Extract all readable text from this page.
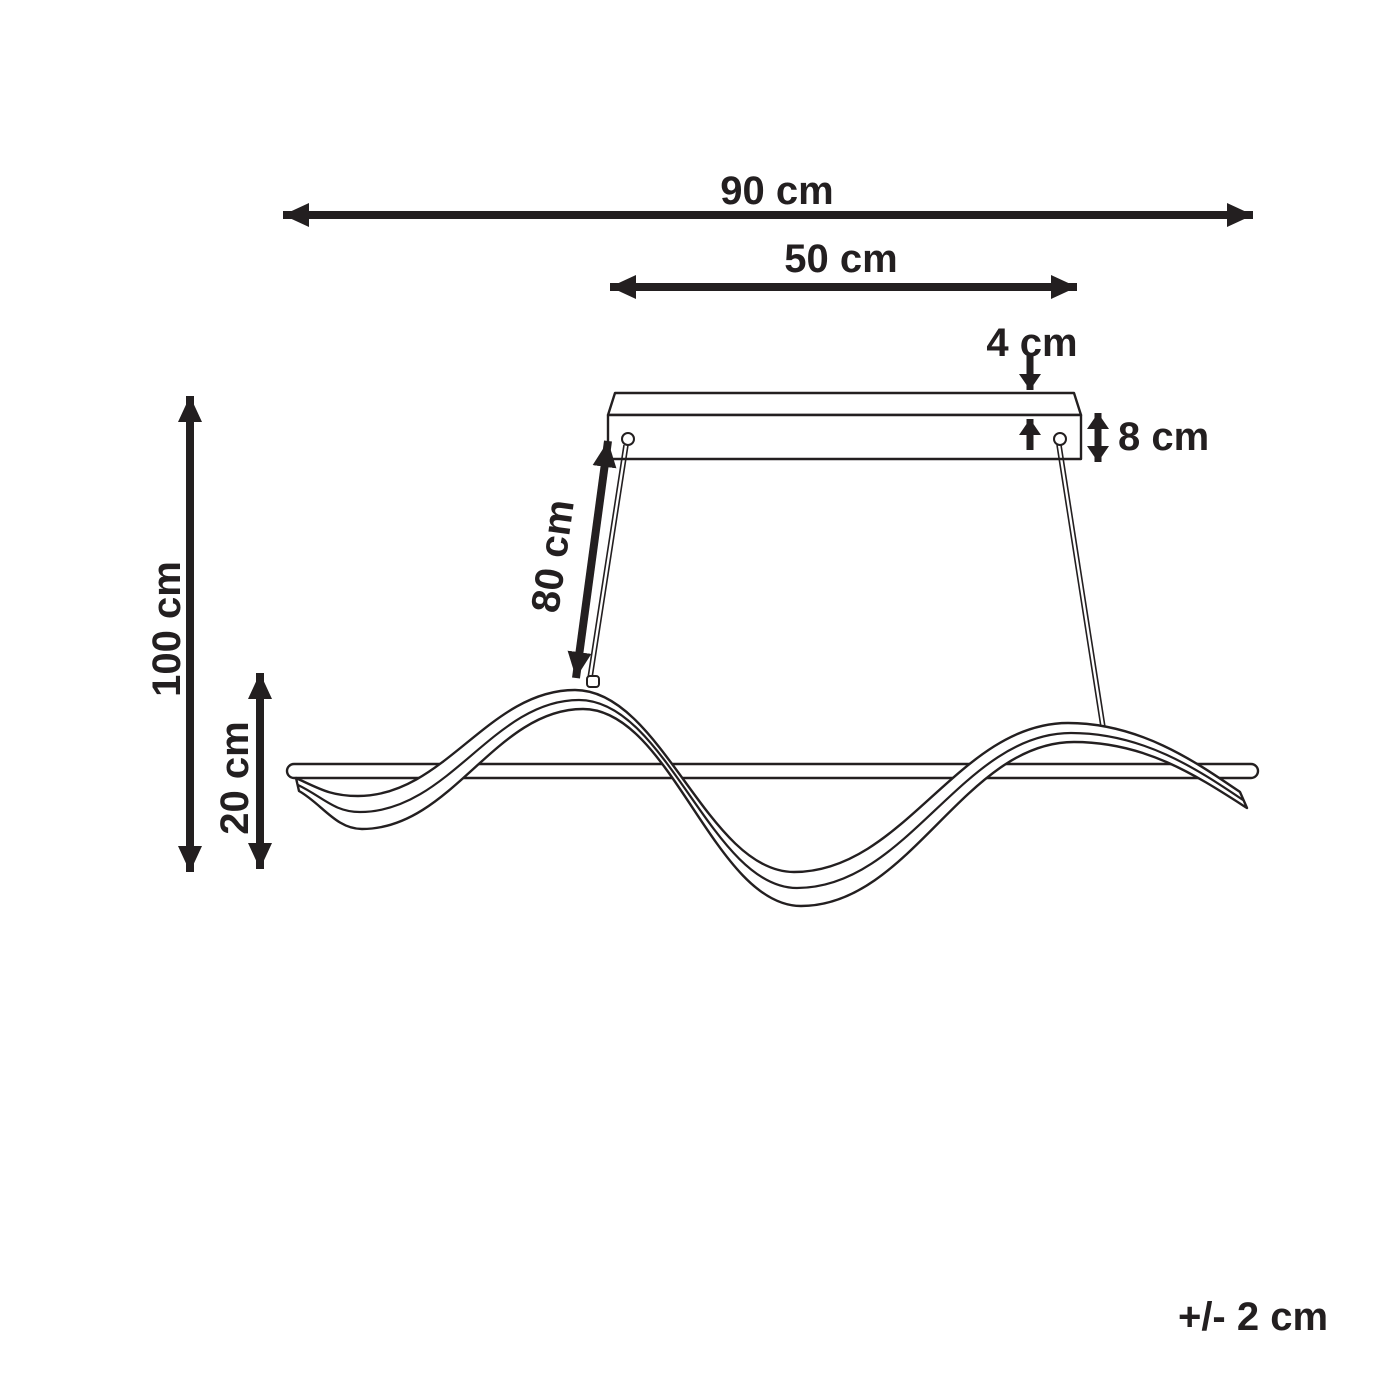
90 cm
50 cm
4 cm
8 cm
80 cm
100 cm
20 cm
+/- 2 cm
